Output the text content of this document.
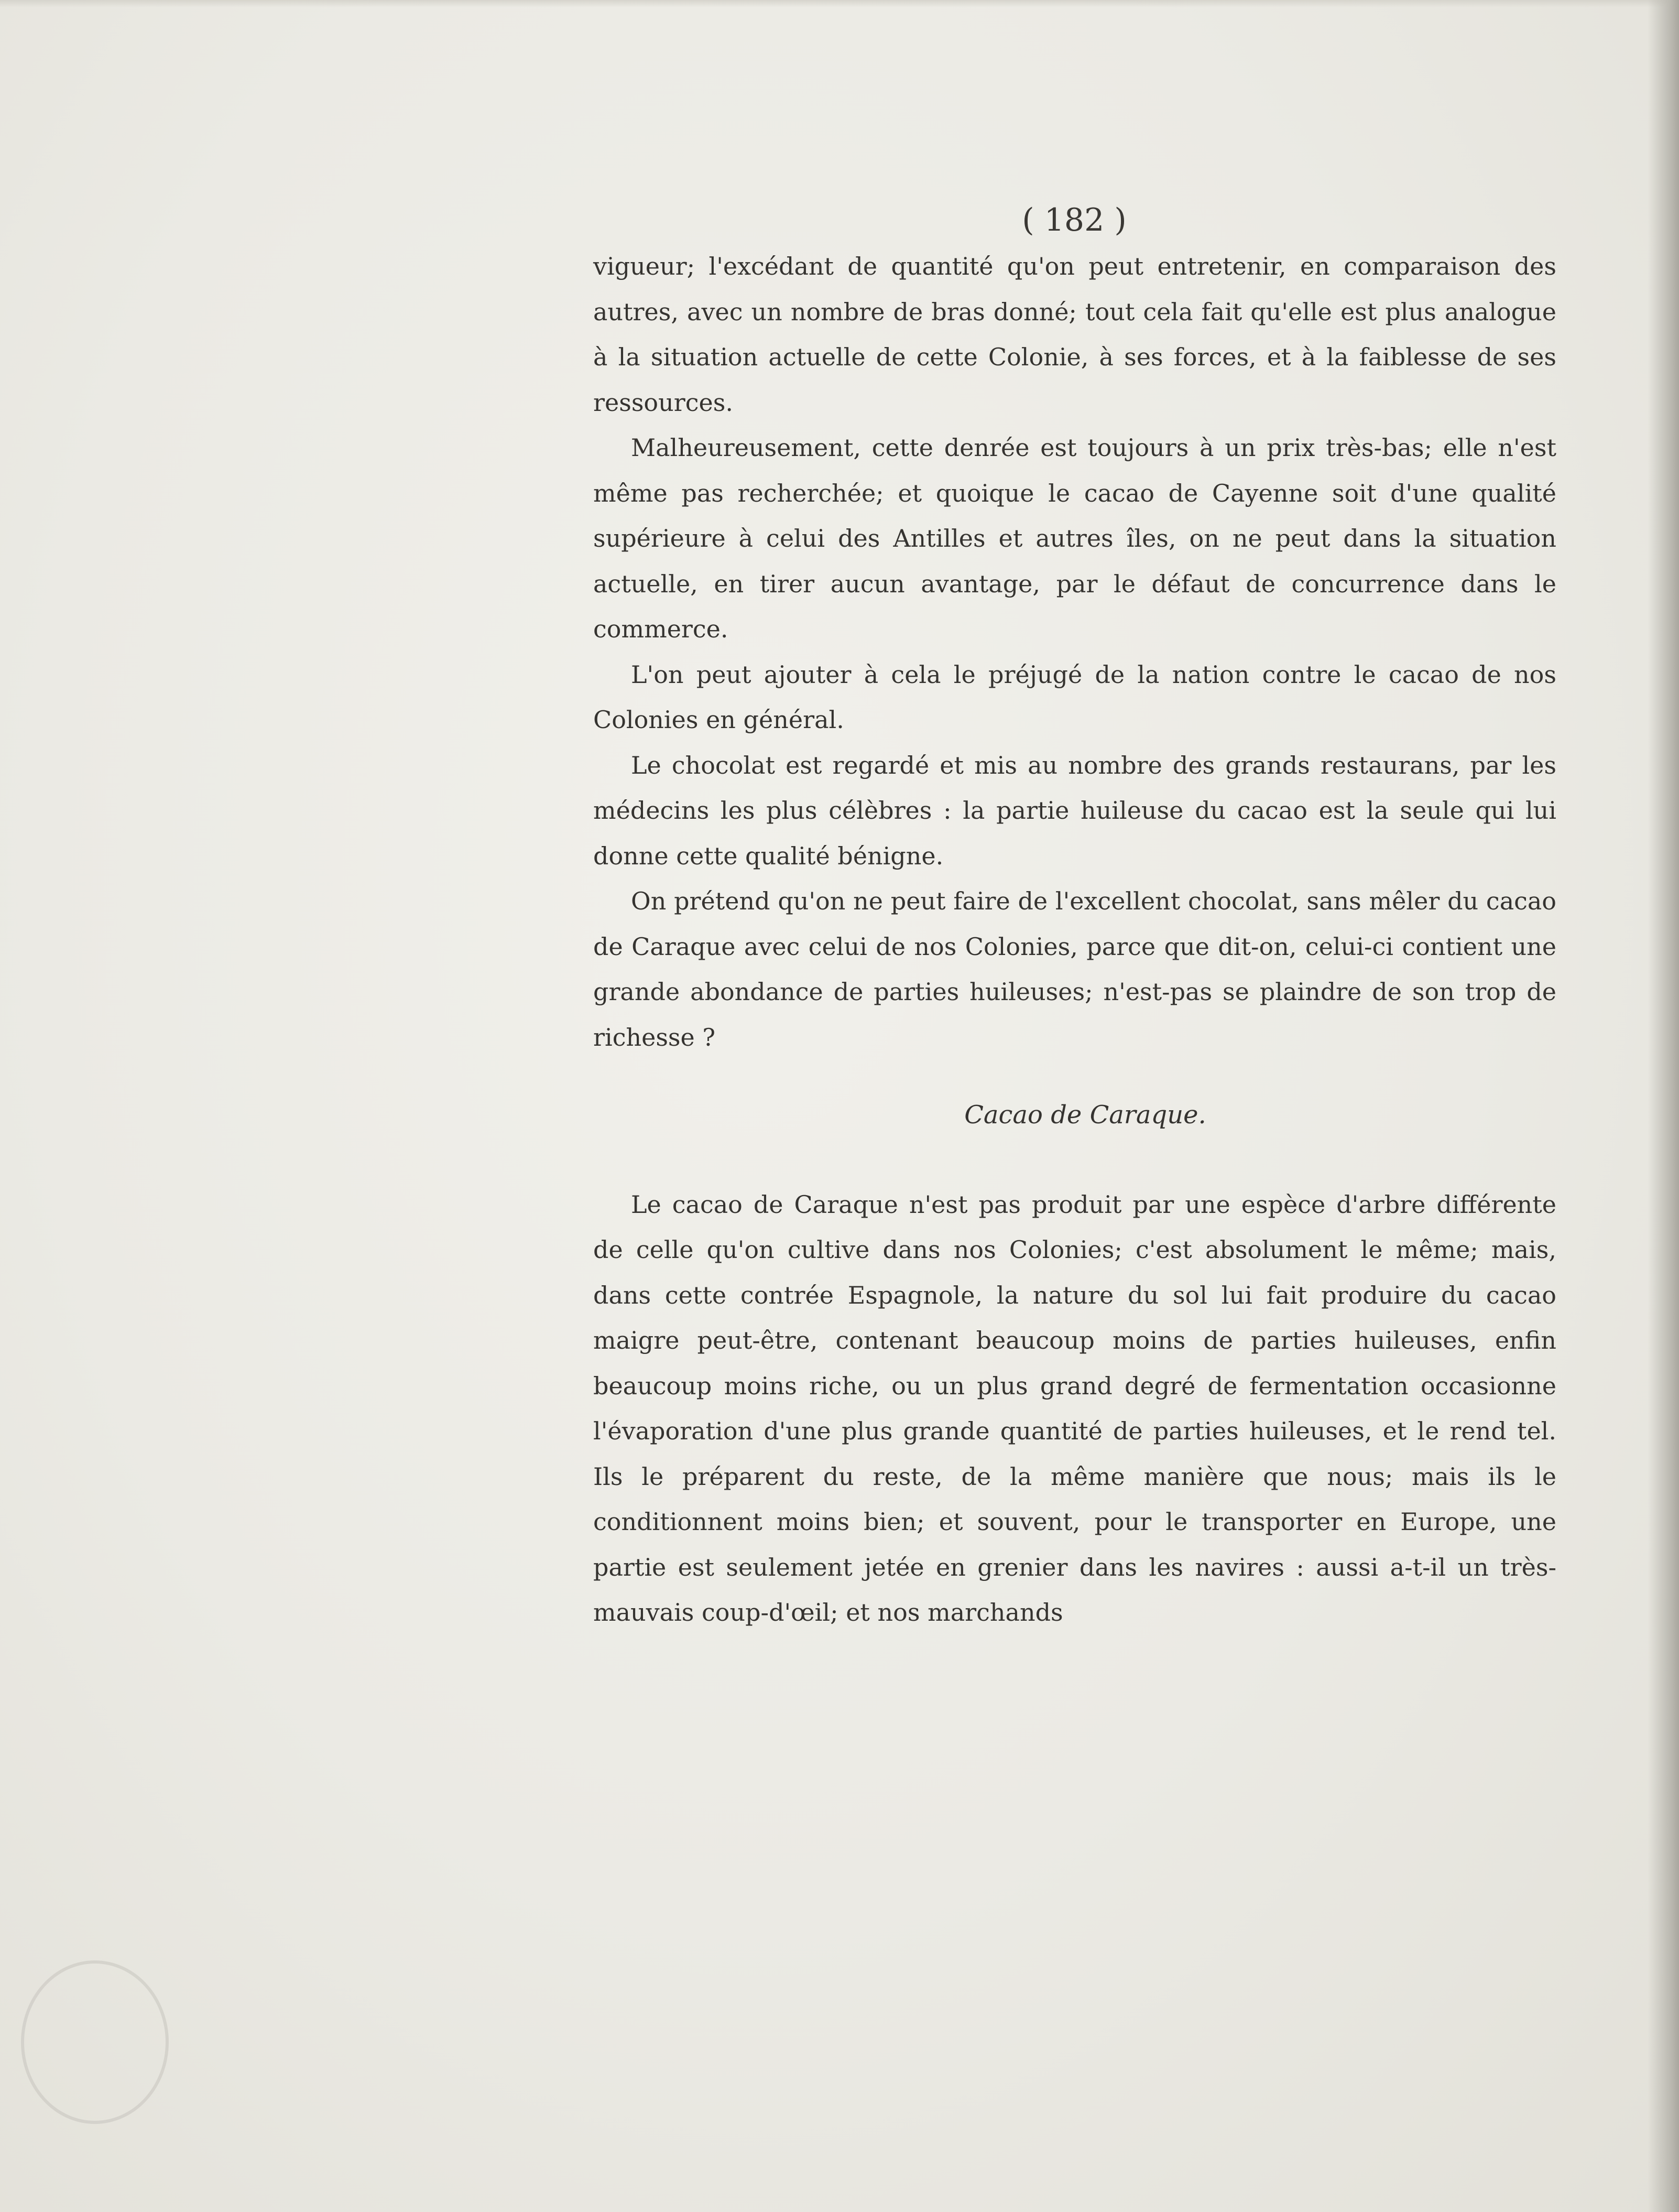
( 182 )

vigueur; l'excédant de quantité qu'on peut entretenir, en comparaison des autres, avec un nombre de bras donné; tout cela fait qu'elle est plus analogue à la situation actuelle de cette Colonie, à ses forces, et à la faiblesse de ses ressources.

Malheureusement, cette denrée est toujours à un prix très-bas; elle n'est même pas recherchée; et quoique le cacao de Cayenne soit d'une qualité supérieure à celui des Antilles et autres îles, on ne peut dans la situation actuelle, en tirer aucun avantage, par le défaut de concurrence dans le commerce.

L'on peut ajouter à cela le préjugé de la nation contre le cacao de nos Colonies en général.

Le chocolat est regardé et mis au nombre des grands restaurans, par les médecins les plus célèbres : la partie huileuse du cacao est la seule qui lui donne cette qualité bénigne.

On prétend qu'on ne peut faire de l'excellent chocolat, sans mêler du cacao de Caraque avec celui de nos Colonies, parce que dit-on, celui-ci contient une grande abondance de parties huileuses; n'est-pas se plaindre de son trop de richesse ?

Cacao de Caraque.

Le cacao de Caraque n'est pas produit par une espèce d'arbre différente de celle qu'on cultive dans nos Colonies; c'est absolument le même; mais, dans cette contrée Espagnole, la nature du sol lui fait produire du cacao maigre peut-être, contenant beaucoup moins de parties huileuses, enfin beaucoup moins riche, ou un plus grand degré de fermentation occasionne l'évaporation d'une plus grande quantité de parties huileuses, et le rend tel. Ils le préparent du reste, de la même manière que nous; mais ils le conditionnent moins bien; et souvent, pour le transporter en Europe, une partie est seulement jetée en grenier dans les navires : aussi a-t-il un très-mauvais coup-d'œil; et nos marchands
